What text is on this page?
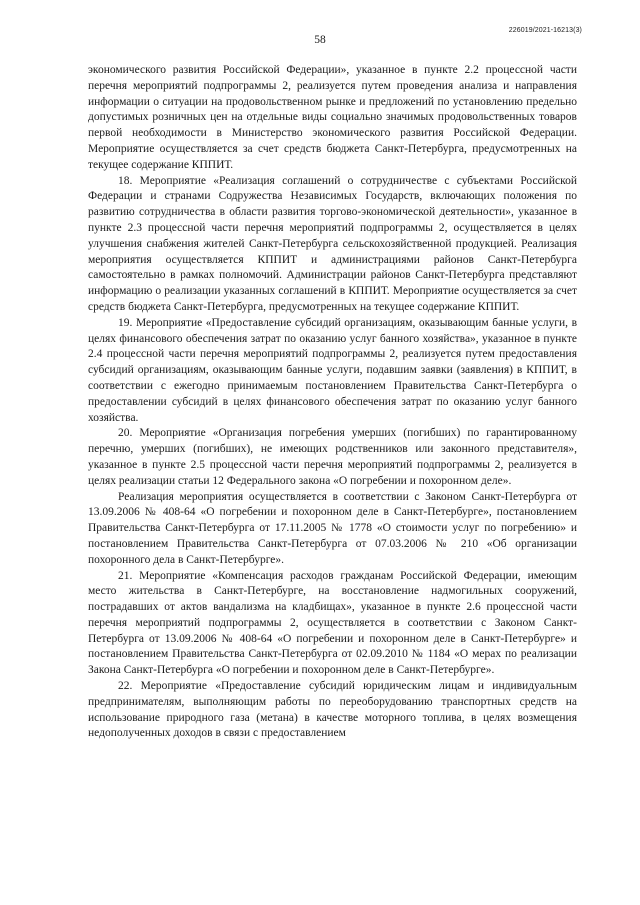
58
226019/2021-16213(3)

экономического развития Российской Федерации», указанное в пункте 2.2 процессной части перечня мероприятий подпрограммы 2, реализуется путем проведения анализа и направления информации о ситуации на продовольственном рынке и предложений по установлению предельно допустимых розничных цен на отдельные виды социально значимых продовольственных товаров первой необходимости в Министерство экономического развития Российской Федерации. Мероприятие осуществляется за счет средств бюджета Санкт-Петербурга, предусмотренных на текущее содержание КППИТ.

18. Мероприятие «Реализация соглашений о сотрудничестве с субъектами Российской Федерации и странами Содружества Независимых Государств, включающих положения по развитию сотрудничества в области развития торгово-экономической деятельности», указанное в пункте 2.3 процессной части перечня мероприятий подпрограммы 2, осуществляется в целях улучшения снабжения жителей Санкт-Петербурга сельскохозяйственной продукцией. Реализация мероприятия осуществляется КППИТ и администрациями районов Санкт-Петербурга самостоятельно в рамках полномочий. Администрации районов Санкт-Петербурга представляют информацию о реализации указанных соглашений в КППИТ. Мероприятие осуществляется за счет средств бюджета Санкт-Петербурга, предусмотренных на текущее содержание КППИТ.

19. Мероприятие «Предоставление субсидий организациям, оказывающим банные услуги, в целях финансового обеспечения затрат по оказанию услуг банного хозяйства», указанное в пункте 2.4 процессной части перечня мероприятий подпрограммы 2, реализуется путем предоставления субсидий организациям, оказывающим банные услуги, подавшим заявки (заявления) в КППИТ, в соответствии с ежегодно принимаемым постановлением Правительства Санкт-Петербурга о предоставлении субсидий в целях финансового обеспечения затрат по оказанию услуг банного хозяйства.

20. Мероприятие «Организация погребения умерших (погибших) по гарантированному перечню, умерших (погибших), не имеющих родственников или законного представителя», указанное в пункте 2.5 процессной части перечня мероприятий подпрограммы 2, реализуется в целях реализации статьи 12 Федерального закона «О погребении и похоронном деле».

Реализация мероприятия осуществляется в соответствии с Законом Санкт-Петербурга от 13.09.2006 № 408-64 «О погребении и похоронном деле в Санкт-Петербурге», постановлением Правительства Санкт-Петербурга от 17.11.2005 № 1778 «О стоимости услуг по погребению» и постановлением Правительства Санкт-Петербурга от 07.03.2006 № 210 «Об организации похоронного дела в Санкт-Петербурге».

21. Мероприятие «Компенсация расходов гражданам Российской Федерации, имеющим место жительства в Санкт-Петербурге, на восстановление надмогильных сооружений, пострадавших от актов вандализма на кладбищах», указанное в пункте 2.6 процессной части перечня мероприятий подпрограммы 2, осуществляется в соответствии с Законом Санкт-Петербурга от 13.09.2006 № 408-64 «О погребении и похоронном деле в Санкт-Петербурге» и постановлением Правительства Санкт-Петербурга от 02.09.2010 № 1184 «О мерах по реализации Закона Санкт-Петербурга «О погребении и похоронном деле в Санкт-Петербурге».

22. Мероприятие «Предоставление субсидий юридическим лицам и индивидуальным предпринимателям, выполняющим работы по переоборудованию транспортных средств на использование природного газа (метана) в качестве моторного топлива, в целях возмещения недополученных доходов в связи с предоставлением
